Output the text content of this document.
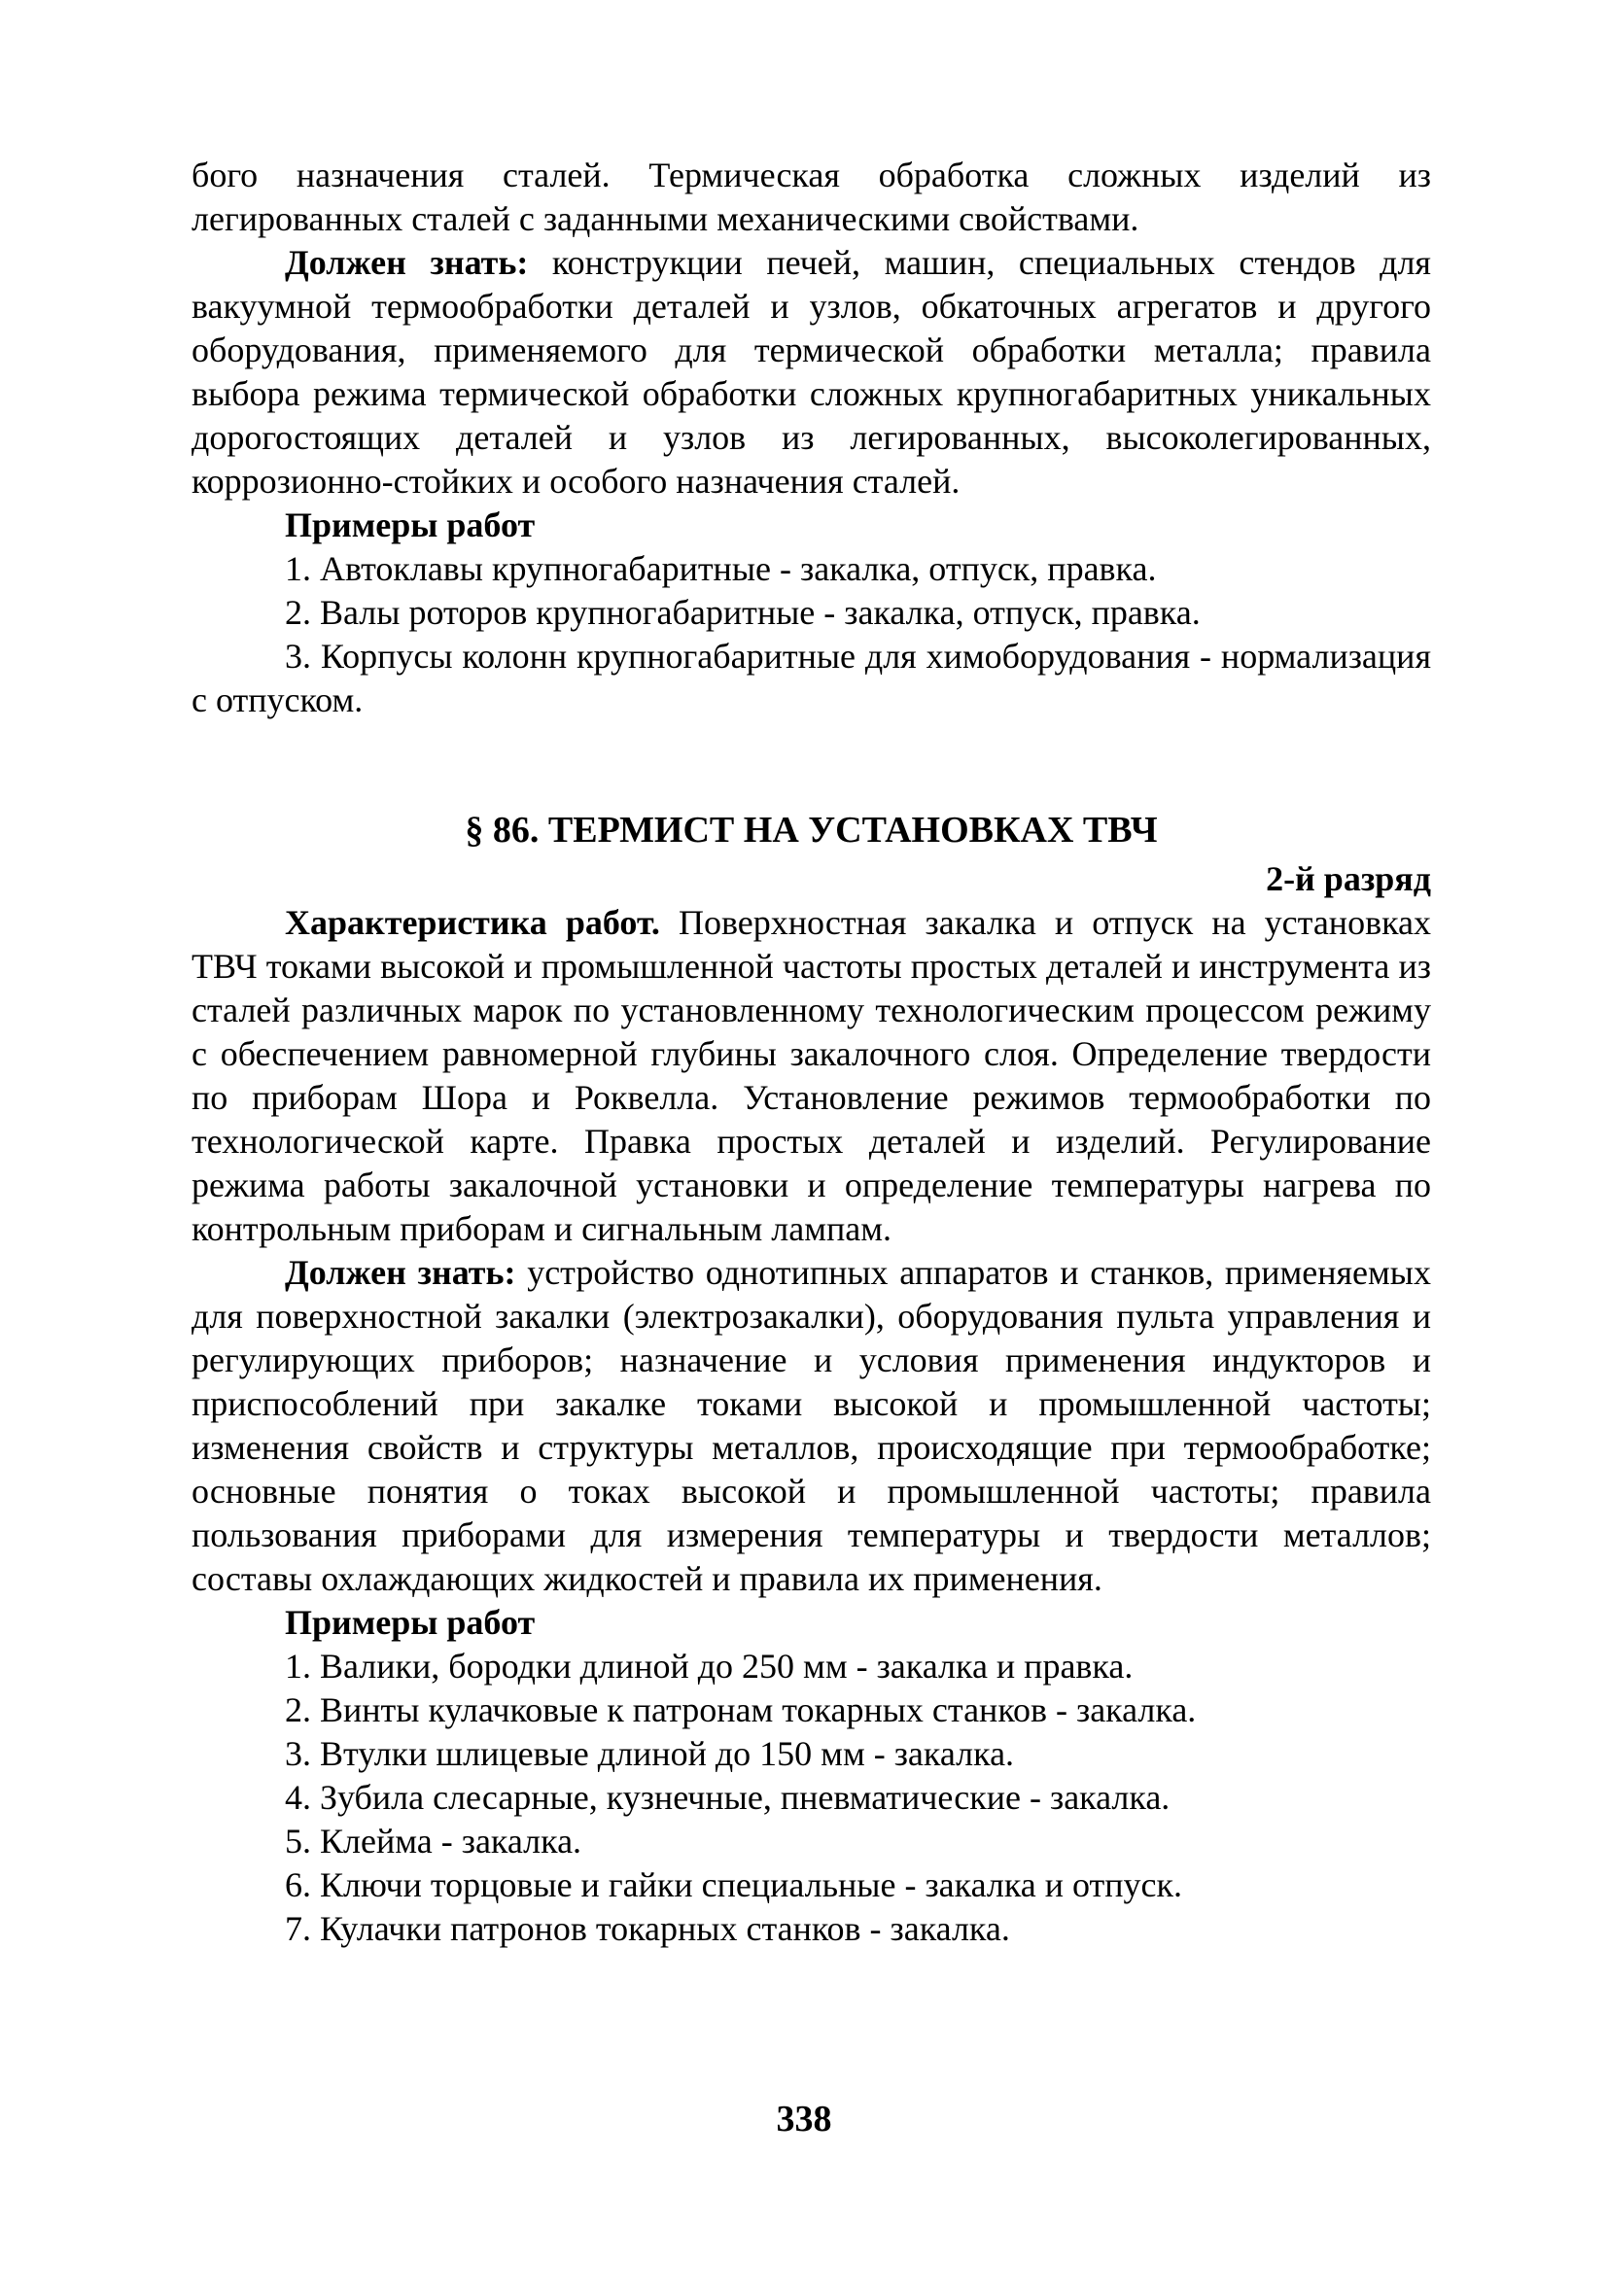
бого назначения сталей. Термическая обработка сложных изделий из легированных сталей с заданными механическими свойствами.

Должен знать: конструкции печей, машин, специальных стендов для вакуумной термообработки деталей и узлов, обкаточных агрегатов и другого оборудования, применяемого для термической обработки металла; правила выбора режима термической обработки сложных крупногабаритных уникальных дорогостоящих деталей и узлов из легированных, высоколегированных, коррозионно-стойких и особого назначения сталей.

Примеры работ

1. Автоклавы крупногабаритные - закалка, отпуск, правка.

2. Валы роторов крупногабаритные - закалка, отпуск, правка.

3. Корпусы колонн крупногабаритные для химоборудования - нормализация с отпуском.

§ 86. ТЕРМИСТ НА УСТАНОВКАХ ТВЧ

2-й разряд

Характеристика работ. Поверхностная закалка и отпуск на установках ТВЧ токами высокой и промышленной частоты простых деталей и инструмента из сталей различных марок по установленному технологическим процессом режиму с обеспечением равномерной глубины закалочного слоя. Определение твердости по приборам Шора и Роквелла. Установление режимов термообработки по технологической карте. Правка простых деталей и изделий. Регулирование режима работы закалочной установки и определение температуры нагрева по контрольным приборам и сигнальным лампам.

Должен знать: устройство однотипных аппаратов и станков, применяемых для поверхностной закалки (электрозакалки), оборудования пульта управления и регулирующих приборов; назначение и условия применения индукторов и приспособлений при закалке токами высокой и промышленной частоты; изменения свойств и структуры металлов, происходящие при термообработке; основные понятия о токах высокой и промышленной частоты; правила пользования приборами для измерения температуры и твердости металлов; составы охлаждающих жидкостей и правила их применения.

Примеры работ

1. Валики, бородки длиной до 250 мм - закалка и правка.

2. Винты кулачковые к патронам токарных станков - закалка.

3. Втулки шлицевые длиной до 150 мм - закалка.

4. Зубила слесарные, кузнечные, пневматические - закалка.

5. Клейма - закалка.

6. Ключи торцовые и гайки специальные - закалка и отпуск.

7. Кулачки патронов токарных станков - закалка.

338
